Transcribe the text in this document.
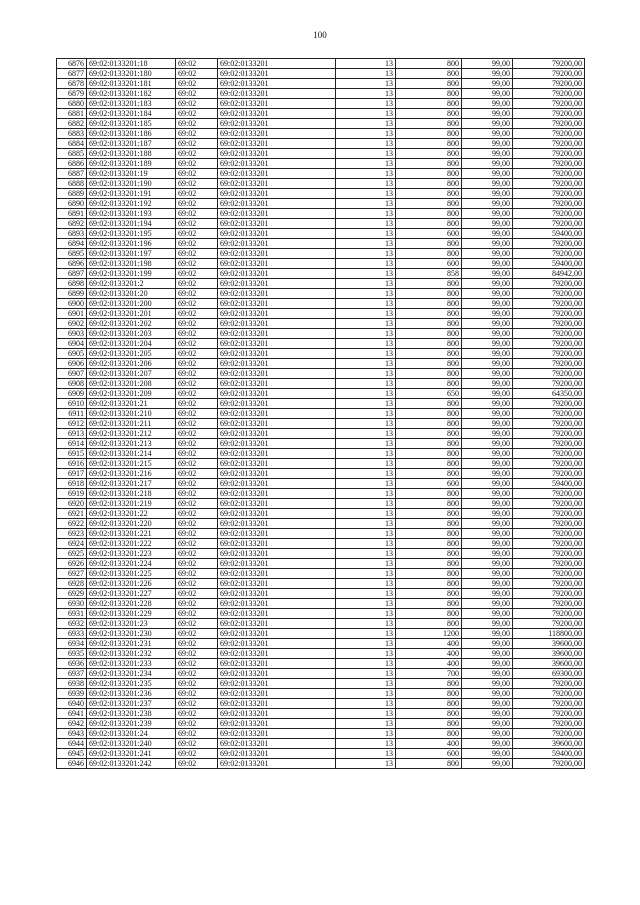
100
6876	69:02:0133201:18	69:02	69:02:0133201	13	800	99,00	79200,00
6877	69:02:0133201:180	69:02	69:02:0133201	13	800	99,00	79200,00
6878	69:02:0133201:181	69:02	69:02:0133201	13	800	99,00	79200,00
6879	69:02:0133201:182	69:02	69:02:0133201	13	800	99,00	79200,00
6880	69:02:0133201:183	69:02	69:02:0133201	13	800	99,00	79200,00
6881	69:02:0133201:184	69:02	69:02:0133201	13	800	99,00	79200,00
6882	69:02:0133201:185	69:02	69:02:0133201	13	800	99,00	79200,00
6883	69:02:0133201:186	69:02	69:02:0133201	13	800	99,00	79200,00
6884	69:02:0133201:187	69:02	69:02:0133201	13	800	99,00	79200,00
6885	69:02:0133201:188	69:02	69:02:0133201	13	800	99,00	79200,00
6886	69:02:0133201:189	69:02	69:02:0133201	13	800	99,00	79200,00
6887	69:02:0133201:19	69:02	69:02:0133201	13	800	99,00	79200,00
6888	69:02:0133201:190	69:02	69:02:0133201	13	800	99,00	79200,00
6889	69:02:0133201:191	69:02	69:02:0133201	13	800	99,00	79200,00
6890	69:02:0133201:192	69:02	69:02:0133201	13	800	99,00	79200,00
6891	69:02:0133201:193	69:02	69:02:0133201	13	800	99,00	79200,00
6892	69:02:0133201:194	69:02	69:02:0133201	13	800	99,00	79200,00
6893	69:02:0133201:195	69:02	69:02:0133201	13	600	99,00	59400,00
6894	69:02:0133201:196	69:02	69:02:0133201	13	800	99,00	79200,00
6895	69:02:0133201:197	69:02	69:02:0133201	13	800	99,00	79200,00
6896	69:02:0133201:198	69:02	69:02:0133201	13	600	99,00	59400,00
6897	69:02:0133201:199	69:02	69:02:0133201	13	858	99,00	84942,00
6898	69:02:0133201:2	69:02	69:02:0133201	13	800	99,00	79200,00
6899	69:02:0133201:20	69:02	69:02:0133201	13	800	99,00	79200,00
6900	69:02:0133201:200	69:02	69:02:0133201	13	800	99,00	79200,00
6901	69:02:0133201:201	69:02	69:02:0133201	13	800	99,00	79200,00
6902	69:02:0133201:202	69:02	69:02:0133201	13	800	99,00	79200,00
6903	69:02:0133201:203	69:02	69:02:0133201	13	800	99,00	79200,00
6904	69:02:0133201:204	69:02	69:02:0133201	13	800	99,00	79200,00
6905	69:02:0133201:205	69:02	69:02:0133201	13	800	99,00	79200,00
6906	69:02:0133201:206	69:02	69:02:0133201	13	800	99,00	79200,00
6907	69:02:0133201:207	69:02	69:02:0133201	13	800	99,00	79200,00
6908	69:02:0133201:208	69:02	69:02:0133201	13	800	99,00	79200,00
6909	69:02:0133201:209	69:02	69:02:0133201	13	650	99,00	64350,00
6910	69:02:0133201:21	69:02	69:02:0133201	13	800	99,00	79200,00
6911	69:02:0133201:210	69:02	69:02:0133201	13	800	99,00	79200,00
6912	69:02:0133201:211	69:02	69:02:0133201	13	800	99,00	79200,00
6913	69:02:0133201:212	69:02	69:02:0133201	13	800	99,00	79200,00
6914	69:02:0133201:213	69:02	69:02:0133201	13	800	99,00	79200,00
6915	69:02:0133201:214	69:02	69:02:0133201	13	800	99,00	79200,00
6916	69:02:0133201:215	69:02	69:02:0133201	13	800	99,00	79200,00
6917	69:02:0133201:216	69:02	69:02:0133201	13	800	99,00	79200,00
6918	69:02:0133201:217	69:02	69:02:0133201	13	600	99,00	59400,00
6919	69:02:0133201:218	69:02	69:02:0133201	13	800	99,00	79200,00
6920	69:02:0133201:219	69:02	69:02:0133201	13	800	99,00	79200,00
6921	69:02:0133201:22	69:02	69:02:0133201	13	800	99,00	79200,00
6922	69:02:0133201:220	69:02	69:02:0133201	13	800	99,00	79200,00
6923	69:02:0133201:221	69:02	69:02:0133201	13	800	99,00	79200,00
6924	69:02:0133201:222	69:02	69:02:0133201	13	800	99,00	79200,00
6925	69:02:0133201:223	69:02	69:02:0133201	13	800	99,00	79200,00
6926	69:02:0133201:224	69:02	69:02:0133201	13	800	99,00	79200,00
6927	69:02:0133201:225	69:02	69:02:0133201	13	800	99,00	79200,00
6928	69:02:0133201:226	69:02	69:02:0133201	13	800	99,00	79200,00
6929	69:02:0133201:227	69:02	69:02:0133201	13	800	99,00	79200,00
6930	69:02:0133201:228	69:02	69:02:0133201	13	800	99,00	79200,00
6931	69:02:0133201:229	69:02	69:02:0133201	13	800	99,00	79200,00
6932	69:02:0133201:23	69:02	69:02:0133201	13	800	99,00	79200,00
6933	69:02:0133201:230	69:02	69:02:0133201	13	1200	99,00	118800,00
6934	69:02:0133201:231	69:02	69:02:0133201	13	400	99,00	39600,00
6935	69:02:0133201:232	69:02	69:02:0133201	13	400	99,00	39600,00
6936	69:02:0133201:233	69:02	69:02:0133201	13	400	99,00	39600,00
6937	69:02:0133201:234	69:02	69:02:0133201	13	700	99,00	69300,00
6938	69:02:0133201:235	69:02	69:02:0133201	13	800	99,00	79200,00
6939	69:02:0133201:236	69:02	69:02:0133201	13	800	99,00	79200,00
6940	69:02:0133201:237	69:02	69:02:0133201	13	800	99,00	79200,00
6941	69:02:0133201:238	69:02	69:02:0133201	13	800	99,00	79200,00
6942	69:02:0133201:239	69:02	69:02:0133201	13	800	99,00	79200,00
6943	69:02:0133201:24	69:02	69:02:0133201	13	800	99,00	79200,00
6944	69:02:0133201:240	69:02	69:02:0133201	13	400	99,00	39600,00
6945	69:02:0133201:241	69:02	69:02:0133201	13	600	99,00	59400,00
6946	69:02:0133201:242	69:02	69:02:0133201	13	800	99,00	79200,00
